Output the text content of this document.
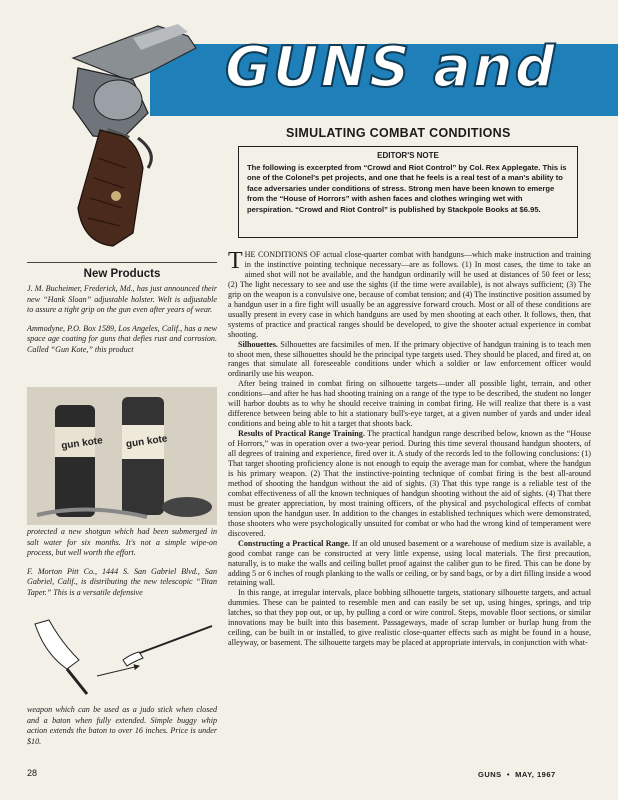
GUNS and
SIMULATING COMBAT CONDITIONS
EDITOR'S NOTE
The following is excerpted from “Crowd and Riot Control” by Col. Rex Applegate. This is one of the Colonel's pet projects, and one that he feels is a real test of a man's ability to face adversaries under conditions of stress. Strong men have been known to emerge from the “House of Horrors” with ashen faces and clothes wringing wet with perspiration. “Crowd and Riot Control” is published by Stackpole Books at $6.95.
New Products

J. M. Bucheimer, Frederick, Md., has just announced their new “Hank Sloan” adjustable holster. Welt is adjustable to assure a tight grip on the gun even after years of wear.

Ammodyne, P.O. Box 1589, Los Angeles, Calif., has a new space age coating for guns that defies rust and corrosion. Called “Gun Kote,” this product

gun kote gun kote

protected a new shotgun which had been submerged in salt water for six months. It's not a simple wipe-on process, but well worth the effort.

F. Morton Pitt Co., 1444 S. San Gabriel Blvd., San Gabriel, Calif., is distributing the new telescopic “Titan Taper.” This is a versatile defensive

weapon which can be used as a judo stick when closed and a baton when fully extended. Simple buggy whip action extends the baton to over 16 inches. Price is under $10.

THE CONDITIONS OF actual close-quarter combat with handguns—which make instruction and training in the instinctive pointing technique necessary—are as follows. (1) In most cases, the time to take an aimed shot will not be available, and the handgun ordinarily will be used at distances of 50 feet or less; (2) The light necessary to see and use the sights (if the time were available), is not always sufficient; (3) The grip on the weapon is a convulsive one, because of combat tension; and (4) The instinctive position assumed by a handgun user in a fire fight will usually be an aggressive forward crouch. Most or all of these conditions are usually present in every case in which handguns are used by men shooting at each other. It follows, then, that systems of practice and practical ranges should be developed, to give the shooter actual experience in combat shooting.

Silhouettes. Silhouettes are facsimiles of men. If the primary objective of handgun training is to teach men to shoot men, these silhouettes should be the principal type targets used. They should be placed, and fired at, on ranges that simulate all foreseeable conditions under which a soldier or law enforcement officer would ordinarily use his weapon.

After being trained in combat firing on silhouette targets—under all possible light, terrain, and other conditions—and after he has had shooting training on a range of the type to be described, the student no longer will harbor doubts as to why he should receive training in combat firing. He will realize that there is a vast difference between being able to hit a stationary bull's-eye target, at a given number of yards and under ideal conditions and being able to hit a target that shoots back.

Results of Practical Range Training. The practical handgun range described below, known as the “House of Horrors,” was in operation over a two-year period. During this time several thousand handgun shooters, of all degrees of training and experience, fired over it. A study of the records led to the following conclusions: (1) That target shooting proficiency alone is not enough to equip the average man for combat, where the handgun is his primary weapon. (2) That the instinctive-pointing technique of combat firing is the best all-around method of shooting the handgun without the aid of sights. (3) That this type range is a reliable test of the combat effectiveness of all the known techniques of handgun shooting without the aid of sights. (4) That there must be greater appreciation, by most training officers, of the physical and psychological effects of combat tension upon the handgun user. In addition to the changes in established techniques which were demonstrated, those shooters who were psychologically unsuited for combat or who had the wrong kind of temperament were discovered.

Constructing a Practical Range. If an old unused basement or a warehouse of medium size is available, a good combat range can be constructed at very little expense, using local materials. The first precaution, naturally, is to make the walls and ceiling bullet proof against the caliber gun to be fired. This can be done by adding 5 or 6 inches of rough planking to the walls or ceiling, or by sand bags, or by a dirt filling inside a wood retaining wall.

In this range, at irregular intervals, place bobbing silhouette targets, stationary silhouette targets, and actual dummies. These can be painted to resemble men and can easily be set up, using hinges, springs, and trip latches, so that they pop out, or up, by pulling a cord or wire control. Steps, movable floor sections, or similar innovations may be built into this basement. Passageways, made of scrap lumber or burlap hung from the ceiling, can be built in or installed, to give realistic close-quarter effects such as might be found in a house, alleyway, or basement. The silhouette targets may be placed at appropriate intervals, in conjunction with what-

28	GUNS • MAY, 1967
